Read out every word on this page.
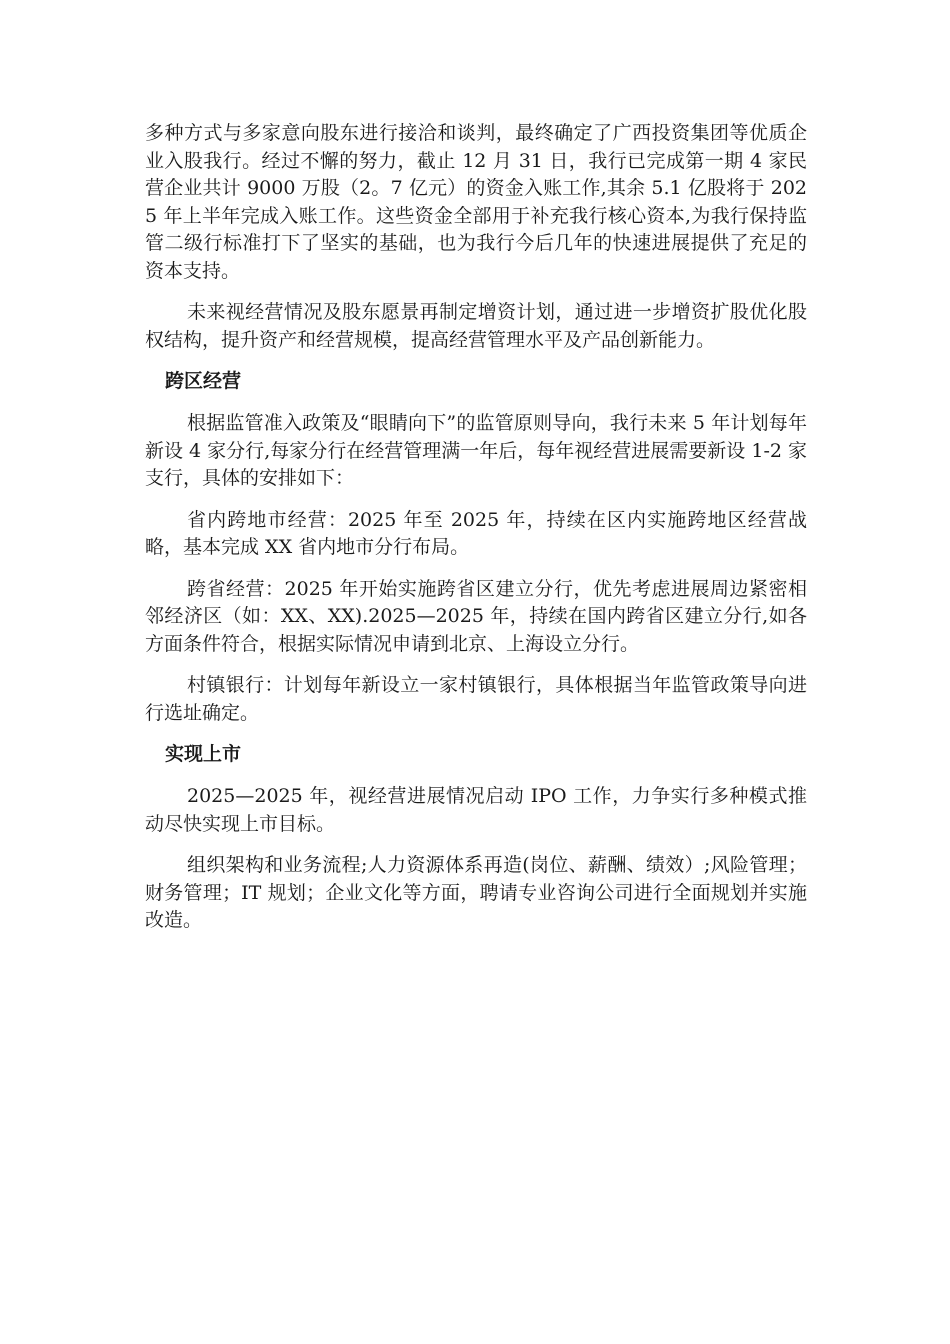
多种方式与多家意向股东进行接洽和谈判，最终确定了广西投资集团等优质企业入股我行。经过不懈的努力，截止 12 月 31 日，我行已完成第一期 4 家民营企业共计 9000 万股（2。7 亿元）的资金入账工作,其余 5.1 亿股将于 2025 年上半年完成入账工作。这些资金全部用于补充我行核心资本,为我行保持监管二级行标准打下了坚实的基础，也为我行今后几年的快速进展提供了充足的资本支持。

未来视经营情况及股东愿景再制定增资计划，通过进一步增资扩股优化股权结构，提升资产和经营规模，提高经营管理水平及产品创新能力。

跨区经营

根据监管准入政策及“眼睛向下”的监管原则导向，我行未来 5 年计划每年新设 4 家分行,每家分行在经营管理满一年后，每年视经营进展需要新设 1-2 家支行，具体的安排如下：

省内跨地市经营：2025 年至 2025 年，持续在区内实施跨地区经营战略，基本完成 XX 省内地市分行布局。

跨省经营：2025 年开始实施跨省区建立分行，优先考虑进展周边紧密相邻经济区（如：XX、XX).2025—2025 年，持续在国内跨省区建立分行,如各方面条件符合，根据实际情况申请到北京、上海设立分行。

村镇银行：计划每年新设立一家村镇银行，具体根据当年监管政策导向进行选址确定。

实现上市

2025—2025 年，视经营进展情况启动 IPO 工作，力争实行多种模式推动尽快实现上市目标。

组织架构和业务流程;人力资源体系再造(岗位、薪酬、绩效）;风险管理；财务管理；IT 规划；企业文化等方面，聘请专业咨询公司进行全面规划并实施改造。
